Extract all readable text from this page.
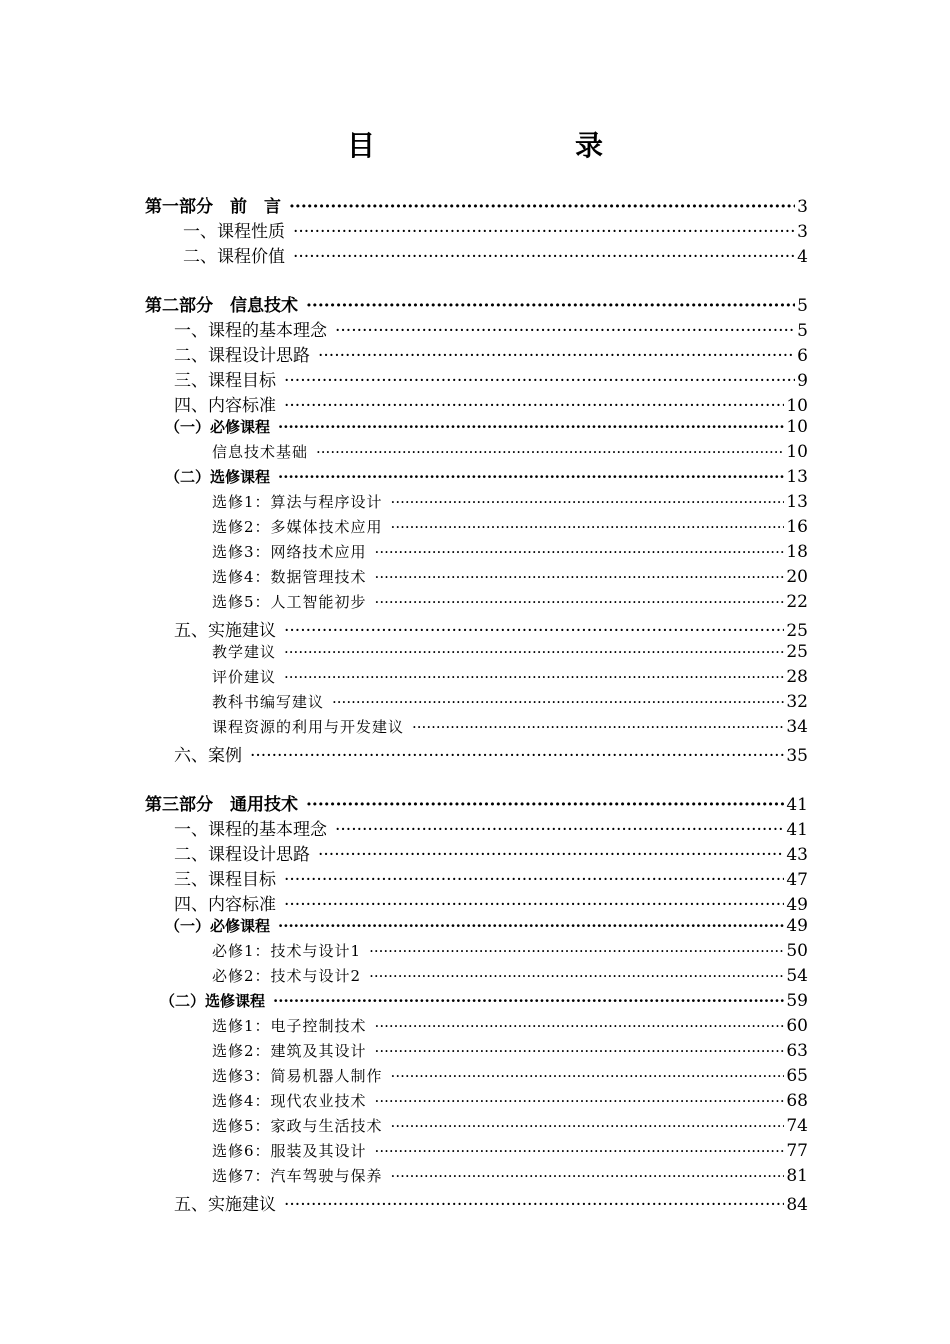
目　　录
第一部分　前　言 ·····	3
一、课程性质 ·····	3
二、课程价值 ·····	4
第二部分　信息技术 ·····	5
一、课程的基本理念 ·····	5
二、课程设计思路 ·····	6
三、课程目标 ·····	9
四、内容标准 ·····	10
（一）必修课程 ·····	10
信息技术基础 ·····	10
（二）选修课程 ·····	13
选修1：算法与程序设计 ·····	13
选修2：多媒体技术应用 ·····	16
选修3：网络技术应用 ·····	18
选修4：数据管理技术 ·····	20
选修5：人工智能初步 ·····	22
五、实施建议 ·····	25
教学建议 ·····	25
评价建议 ·····	28
教科书编写建议 ·····	32
课程资源的利用与开发建议 ·····	34
六、案例 ·····	35
第三部分　通用技术 ·····	41
一、课程的基本理念 ·····	41
二、课程设计思路 ·····	43
三、课程目标 ·····	47
四、内容标准 ·····	49
（一）必修课程 ·····	49
必修1：技术与设计1 ·····	50
必修2：技术与设计2 ·····	54
（二）选修课程 ·····	59
选修1：电子控制技术 ·····	60
选修2：建筑及其设计 ·····	63
选修3：简易机器人制作 ·····	65
选修4：现代农业技术 ·····	68
选修5：家政与生活技术 ·····	74
选修6：服装及其设计 ·····	77
选修7：汽车驾驶与保养 ·····	81
五、实施建议 ·····	84
